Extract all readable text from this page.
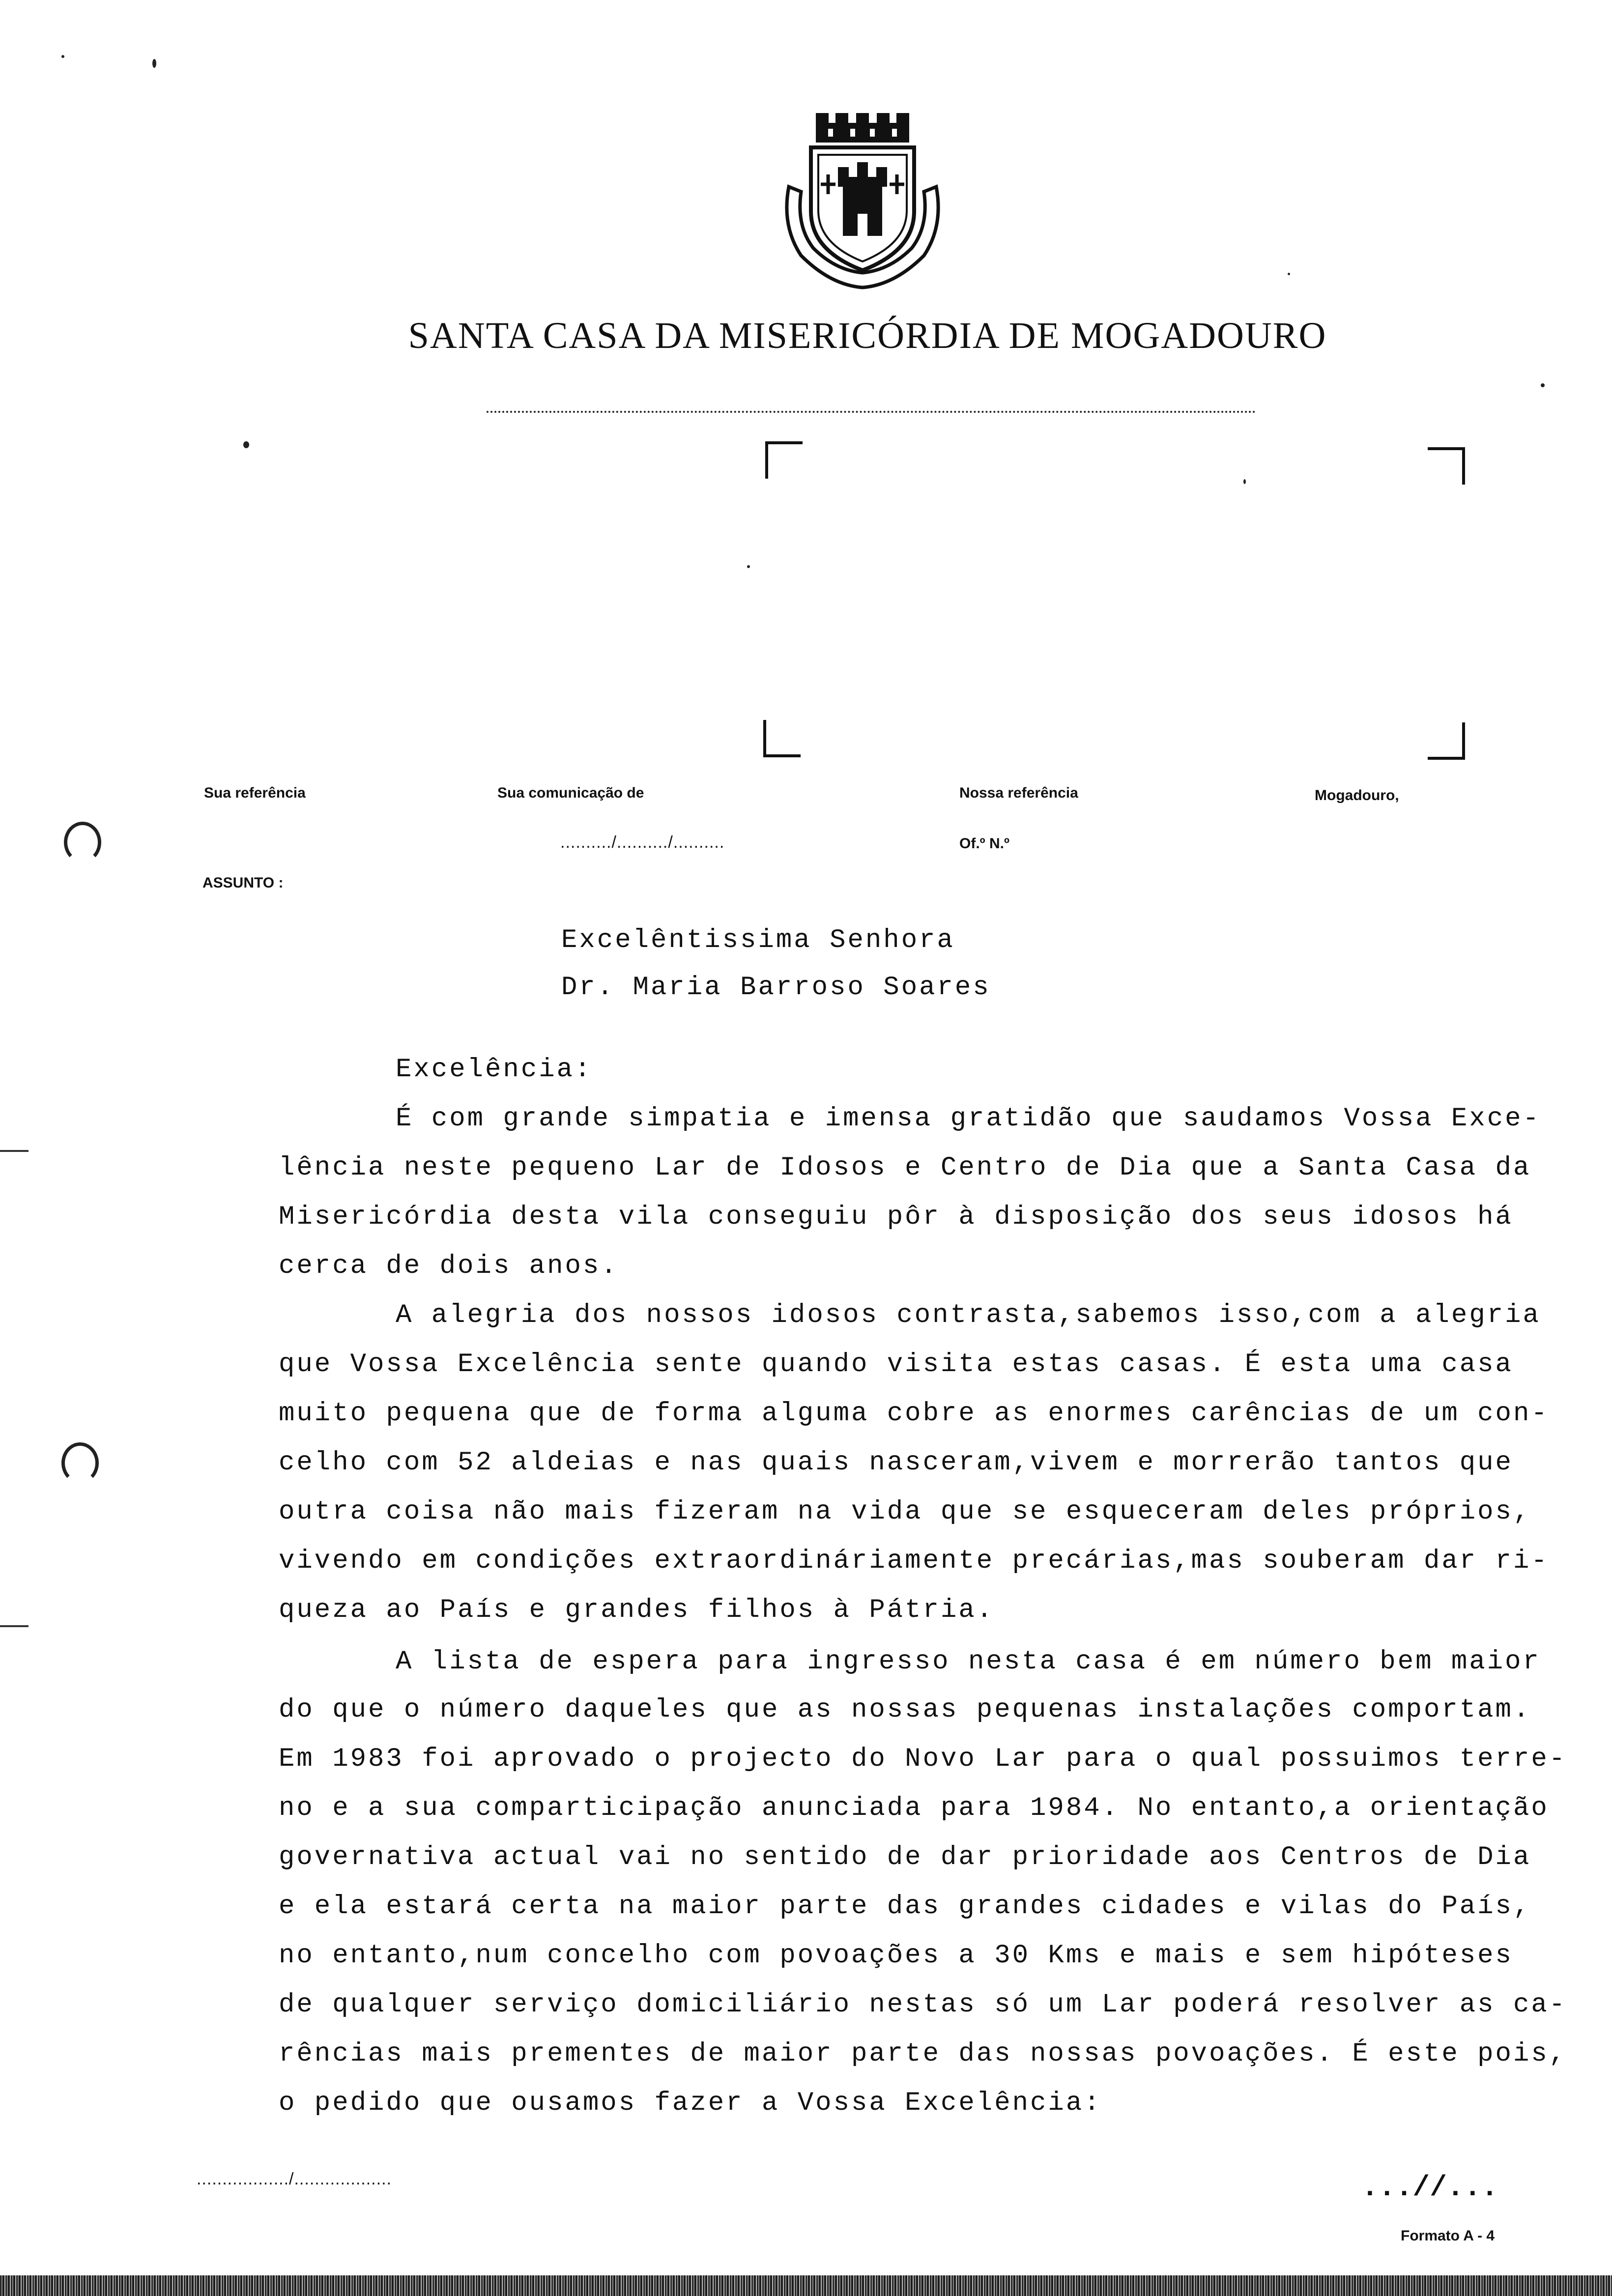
SANTA CASA DA MISERICÓRDIA DE MOGADOURO
Sua referência	Sua comunicação de
........../........../..........
Nossa referência
Of.º N.º
Mogadouro,
ASSUNTO :
Excelêntissima Senhora
Dr. Maria Barroso Soares
Excelência:
É com grande simpatia e imensa gratidão que saudamos Vossa Exce-
lência neste pequeno Lar de Idosos e Centro de Dia que a Santa Casa da
Misericórdia desta vila conseguiu pôr à disposição dos seus idosos há
cerca de dois anos.
A alegria dos nossos idosos contrasta,sabemos isso,com a alegria
que Vossa Excelência sente quando visita estas casas. É esta uma casa
muito pequena que de forma alguma cobre as enormes carências de um con-
celho com 52 aldeias e nas quais nasceram,vivem e morrerão tantos que
outra coisa não mais fizeram na vida que se esqueceram deles próprios,
vivendo em condições extraordináriamente precárias,mas souberam dar ri-
queza ao País e grandes filhos à Pátria.
A lista de espera para ingresso nesta casa é em número bem maior
do que o número daqueles que as nossas pequenas instalações comportam.
Em 1983 foi aprovado o projecto do Novo Lar para o qual possuimos terre-
no e a sua comparticipação anunciada para 1984. No entanto,a orientação
governativa actual vai no sentido de dar prioridade aos Centros de Dia
e ela estará certa na maior parte das grandes cidades e vilas do País,
no entanto,num concelho com povoações a 30 Kms e mais e sem hipóteses
de qualquer serviço domiciliário nestas só um Lar poderá resolver as ca-
rências mais prementes de maior parte das nossas povoações. É este pois,
o pedido que ousamos fazer a Vossa Excelência:
................../...................	...//...
Formato A - 4
